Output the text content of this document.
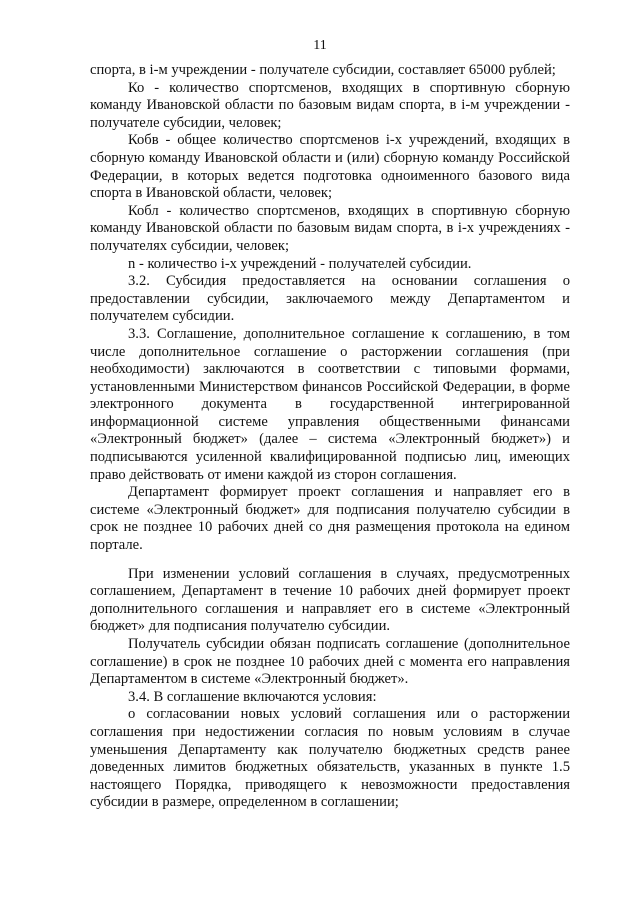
11

спорта, в i-м учреждении - получателе субсидии, составляет 65000 рублей;

Ко - количество спортсменов, входящих в спортивную сборную команду Ивановской области по базовым видам спорта, в i-м учреждении - получателе субсидии, человек;

Кобв - общее количество спортсменов i-х учреждений, входящих в сборную команду Ивановской области и (или) сборную команду Российской Федерации, в которых ведется подготовка одноименного базового вида спорта в Ивановской области, человек;

Кобл - количество спортсменов, входящих в спортивную сборную команду Ивановской области по базовым видам спорта, в i-х учреждениях - получателях субсидии, человек;

n - количество i-х учреждений - получателей субсидии.

3.2. Субсидия предоставляется на основании соглашения о предоставлении субсидии, заключаемого между Департаментом и получателем субсидии.

3.3. Соглашение, дополнительное соглашение к соглашению, в том числе дополнительное соглашение о расторжении соглашения (при необходимости) заключаются в соответствии с типовыми формами, установленными Министерством финансов Российской Федерации, в форме электронного документа в государственной интегрированной информационной системе управления общественными финансами «Электронный бюджет» (далее – система «Электронный бюджет») и подписываются усиленной квалифицированной подписью лиц, имеющих право действовать от имени каждой из сторон соглашения.

Департамент формирует проект соглашения и направляет его в системе «Электронный бюджет» для подписания получателю субсидии в срок не позднее 10 рабочих дней со дня размещения протокола на едином портале.

При изменении условий соглашения в случаях, предусмотренных соглашением, Департамент в течение 10 рабочих дней формирует проект дополнительного соглашения и направляет его в системе «Электронный бюджет» для подписания получателю субсидии.

Получатель субсидии обязан подписать соглашение (дополнительное соглашение) в срок не позднее 10 рабочих дней с момента его направления Департаментом в системе «Электронный бюджет».

3.4. В соглашение включаются условия:

о согласовании новых условий соглашения или о расторжении соглашения при недостижении согласия по новым условиям в случае уменьшения Департаменту как получателю бюджетных средств ранее доведенных лимитов бюджетных обязательств, указанных в пункте 1.5 настоящего Порядка, приводящего к невозможности предоставления субсидии в размере, определенном в соглашении;
